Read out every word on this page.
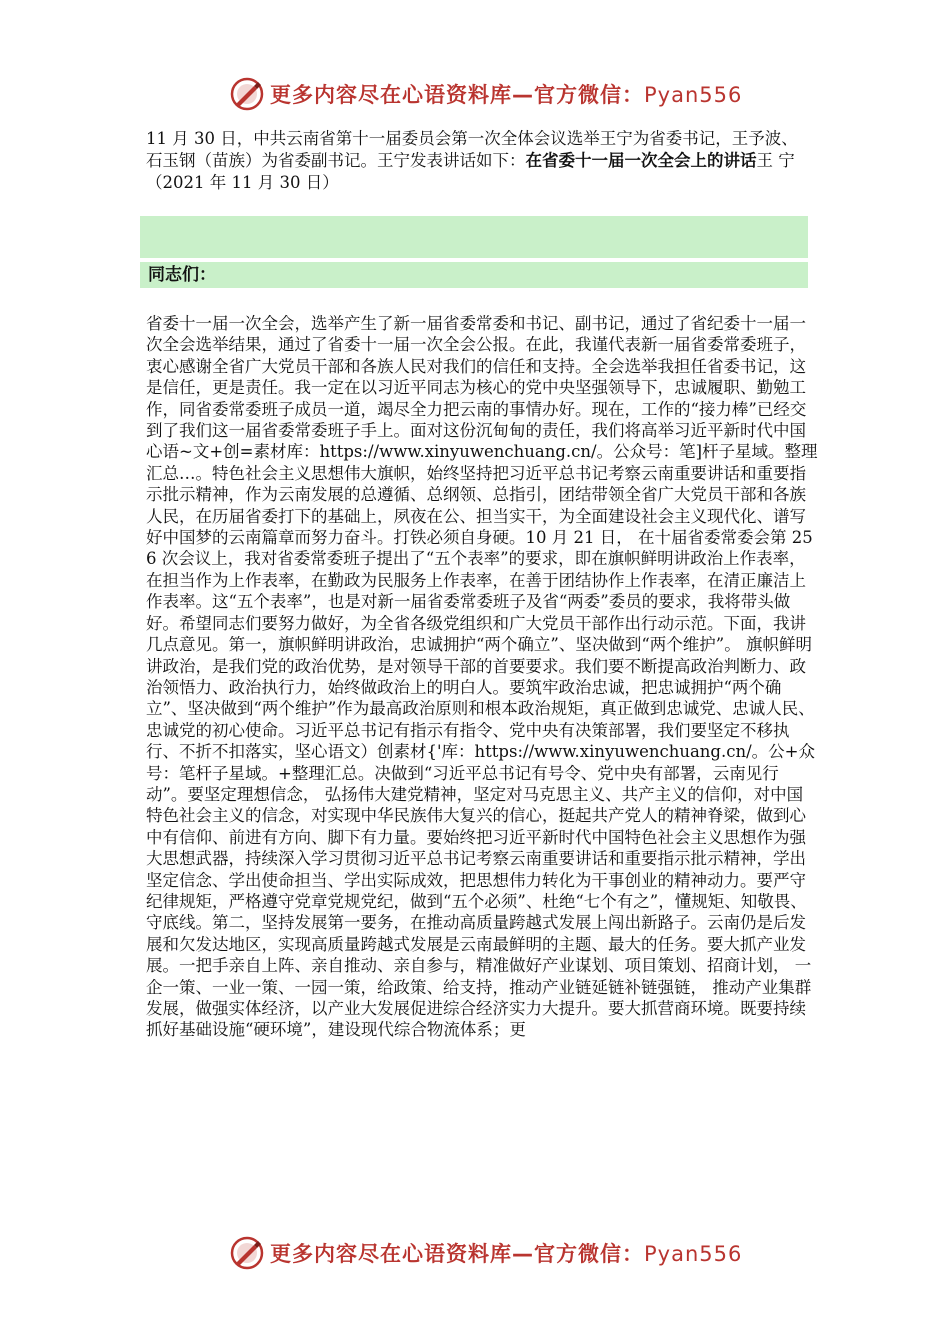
更多内容尽在心语资料库—官方微信：Pyan556
11 月 30 日，中共云南省第十一届委员会第一次全体会议选举王宁为省委书记，王予波、石玉钢（苗族）为省委副书记。王宁发表讲话如下：在省委十一届一次全会上的讲话王 宁（2021 年 11 月 30 日）
同志们：
省委十一届一次全会，选举产生了新一届省委常委和书记、副书记，通过了省纪委十一届一次全会选举结果，通过了省委十一届一次全会公报。在此，我谨代表新一届省委常委班子，衷心感谢全省广大党员干部和各族人民对我们的信任和支持。全会选举我担任省委书记，这是信任，更是责任。我一定在以习近平同志为核心的党中央坚强领导下，忠诚履职、勤勉工作，同省委常委班子成员一道，竭尽全力把云南的事情办好。现在，工作的“接力棒”已经交到了我们这一届省委常委班子手上。面对这份沉甸甸的责任，我们将高举习近平新时代中国心语~文+创=素材库：https://www.xinyuwenchuang.cn/。公众号：笔]杆子星域。整理汇总…。特色社会主义思想伟大旗帜，始终坚持把习近平总书记考察云南重要讲话和重要指示批示精神，作为云南发展的总遵循、总纲领、总指引，团结带领全省广大党员干部和各族人民，在历届省委打下的基础上，夙夜在公、担当实干，为全面建设社会主义现代化、谱写好中国梦的云南篇章而努力奋斗。打铁必须自身硬。10 月 21 日， 在十届省委常委会第 256 次会议上，我对省委常委班子提出了“五个表率”的要求，即在旗帜鲜明讲政治上作表率，在担当作为上作表率，在勤政为民服务上作表率，在善于团结协作上作表率，在清正廉洁上作表率。这“五个表率”，也是对新一届省委常委班子及省“两委”委员的要求，我将带头做好。希望同志们要努力做好，为全省各级党组织和广大党员干部作出行动示范。下面，我讲几点意见。第一，旗帜鲜明讲政治，忠诚拥护“两个确立”、坚决做到“两个维护”。 旗帜鲜明讲政治，是我们党的政治优势，是对领导干部的首要要求。我们要不断提高政治判断力、政治领悟力、政治执行力，始终做政治上的明白人。要筑牢政治忠诚，把忠诚拥护“两个确立”、坚决做到“两个维护”作为最高政治原则和根本政治规矩，真正做到忠诚党、忠诚人民、忠诚党的初心使命。习近平总书记有指示有指令、党中央有决策部署，我们要坚定不移执行、不折不扣落实，坚心语文）创素材{'库：https://www.xinyuwenchuang.cn/。公+众号：笔杆子星域。+整理汇总。决做到“习近平总书记有号令、党中央有部署，云南见行动”。要坚定理想信念， 弘扬伟大建党精神，坚定对马克思主义、共产主义的信仰，对中国特色社会主义的信念，对实现中华民族伟大复兴的信心，挺起共产党人的精神脊梁，做到心中有信仰、前进有方向、脚下有力量。要始终把习近平新时代中国特色社会主义思想作为强大思想武器，持续深入学习贯彻习近平总书记考察云南重要讲话和重要指示批示精神，学出坚定信念、学出使命担当、学出实际成效，把思想伟力转化为干事创业的精神动力。要严守纪律规矩，严格遵守党章党规党纪，做到“五个必须”、杜绝“七个有之”，懂规矩、知敬畏、守底线。第二，坚持发展第一要务，在推动高质量跨越式发展上闯出新路子。云南仍是后发展和欠发达地区，实现高质量跨越式发展是云南最鲜明的主题、最大的任务。要大抓产业发展。一把手亲自上阵、亲自推动、亲自参与，精准做好产业谋划、项目策划、招商计划， 一企一策、一业一策、一园一策，给政策、给支持，推动产业链延链补链强链， 推动产业集群发展，做强实体经济，以产业大发展促进综合经济实力大提升。要大抓营商环境。既要持续抓好基础设施“硬环境”，建设现代综合物流体系；更
更多内容尽在心语资料库—官方微信：Pyan556
